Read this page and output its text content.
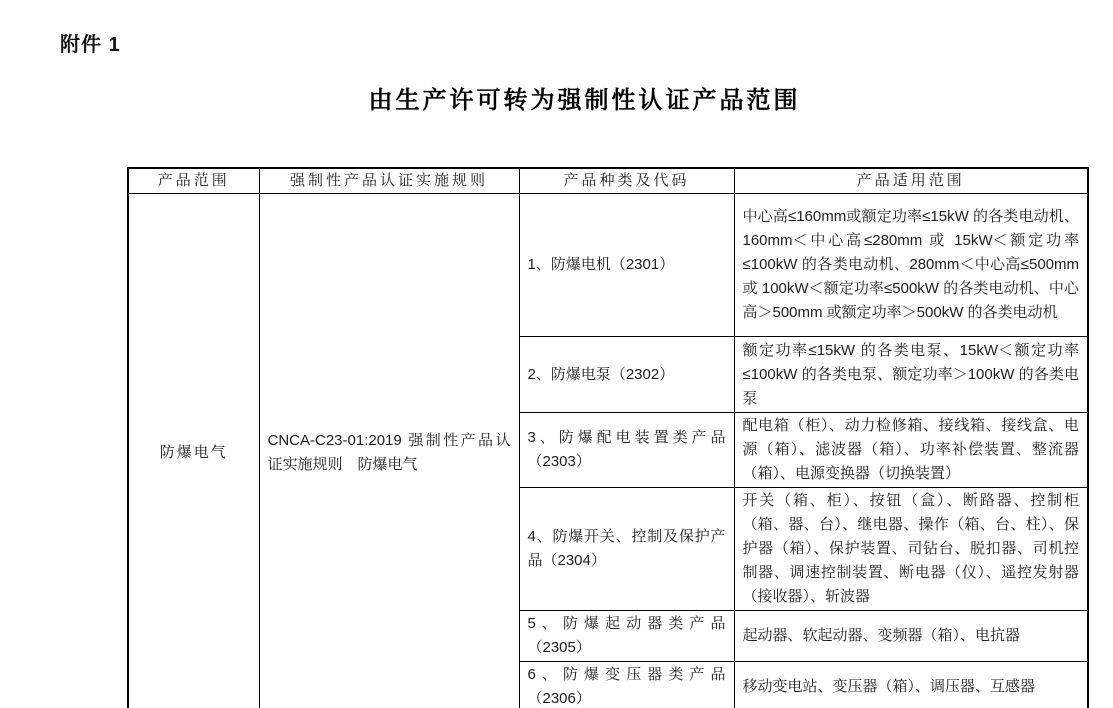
附件 1
由生产许可转为强制性认证产品范围
产品范围	强制性产品认证实施规则	产品种类及代码	产品适用范围
防爆电气	CNCA-C23-01:2019 强制性产品认证实施规则　防爆电气	1、防爆电机（2301）	中心高≤160mm或额定功率≤15kW 的各类电动机、160mm＜中心高≤280mm 或 15kW＜额定功率≤100kW 的各类电动机、280mm＜中心高≤500mm 或 100kW＜额定功率≤500kW 的各类电动机、中心高＞500mm 或额定功率＞500kW 的各类电动机
		2、防爆电泵（2302）	额定功率≤15kW 的各类电泵、15kW＜额定功率≤100kW 的各类电泵、额定功率＞100kW 的各类电泵
		3、防爆配电装置类产品（2303）	配电箱（柜）、动力检修箱、接线箱、接线盒、电源（箱）、滤波器（箱）、功率补偿装置、整流器（箱）、电源变换器（切换装置）
		4、防爆开关、控制及保护产品（2304）	开关（箱、柜）、按钮（盒）、断路器、控制柜（箱、器、台）、继电器、操作（箱、台、柱）、保护器（箱）、保护装置、司钻台、脱扣器、司机控制器、调速控制装置、断电器（仪）、遥控发射器（接收器）、斩波器
		5、防爆起动器类产品（2305）	起动器、软起动器、变频器（箱）、电抗器
		6、防爆变压器类产品（2306）	移动变电站、变压器（箱）、调压器、互感器
